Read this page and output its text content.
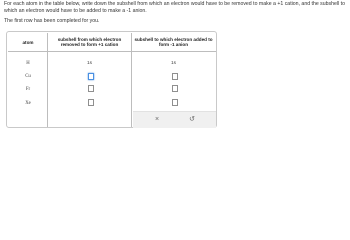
For each atom in the table below, write down the subshell from which an electron would have to be removed to make a +1 cation, and the subshell to which an electron would have to be added to make a -1 anion.
The first row has been completed for you.
atom
subshell from which electron removed to form +1 cation
subshell to which electron added to form -1 anion
H	1s	1s
Cu
Fr
Xe
×	↺
